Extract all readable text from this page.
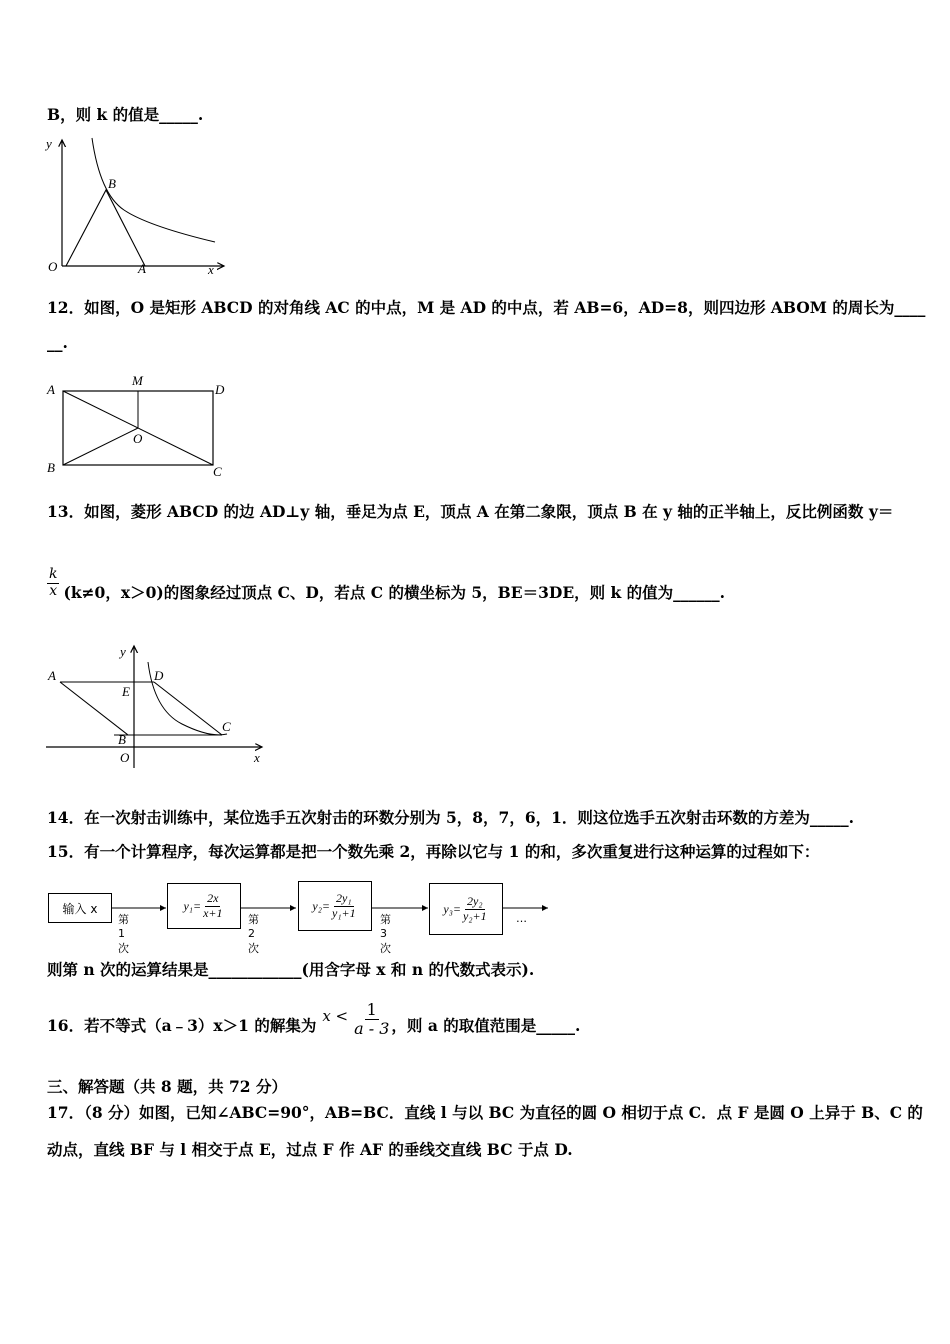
B，则 k 的值是_____.
y
B
O	A	x
12．如图，O 是矩形 ABCD 的对角线 AC 的中点，M 是 AD 的中点，若 AB=6，AD=8，则四边形 ABOM 的周长为____
__.
A
M
D
O
B	C
13．如图，菱形 ABCD 的边 AD⊥y 轴，垂足为点 E，顶点 A 在第二象限，顶点 B 在 y 轴的正半轴上，反比例函数 y＝
$\frac{k}{x} (k\ne 0$，x＞0)的图象经过顶点 C、D，若点 C 的横坐标为 5，BE＝3DE，则 k 的值为______.
y
A	D
E
C
B
O	x
14．在一次射击训练中，某位选手五次射击的环数分别为 5，8，7，6，1．则这位选手五次射击环数的方差为_____.
15．有一个计算程序，每次运算都是把一个数先乘 2，再除以它与 1 的和，多次重复进行这种运算的过程如下：
输入 x
第 1 次
第 2 次
第 3 次
…
$y_1= \frac{2x}{x+1}$	$y_2= \frac{\text{2y₁}}{\text{y₁+1}}$	$y_3= \frac{\text{2y₂}}{\text{y₂+1}}$
则第 n 次的运算结果是____________(用含字母 x 和 n 的代数式表示).
16．若不等式（a﹣3）x＞1 的解集为 $x < \frac{1}{a - 3}$ ，则 a 的取值范围是_____.
三、解答题（共 8 题，共 72 分）
17．（8 分）如图，已知∠ABC=90°，AB=BC．直线 l 与以 BC 为直径的圆 O 相切于点 C．点 F 是圆 O 上异于 B、C 的
动点，直线 BF 与 l 相交于点 E，过点 F 作 AF 的垂线交直线 BC 于点 D.
